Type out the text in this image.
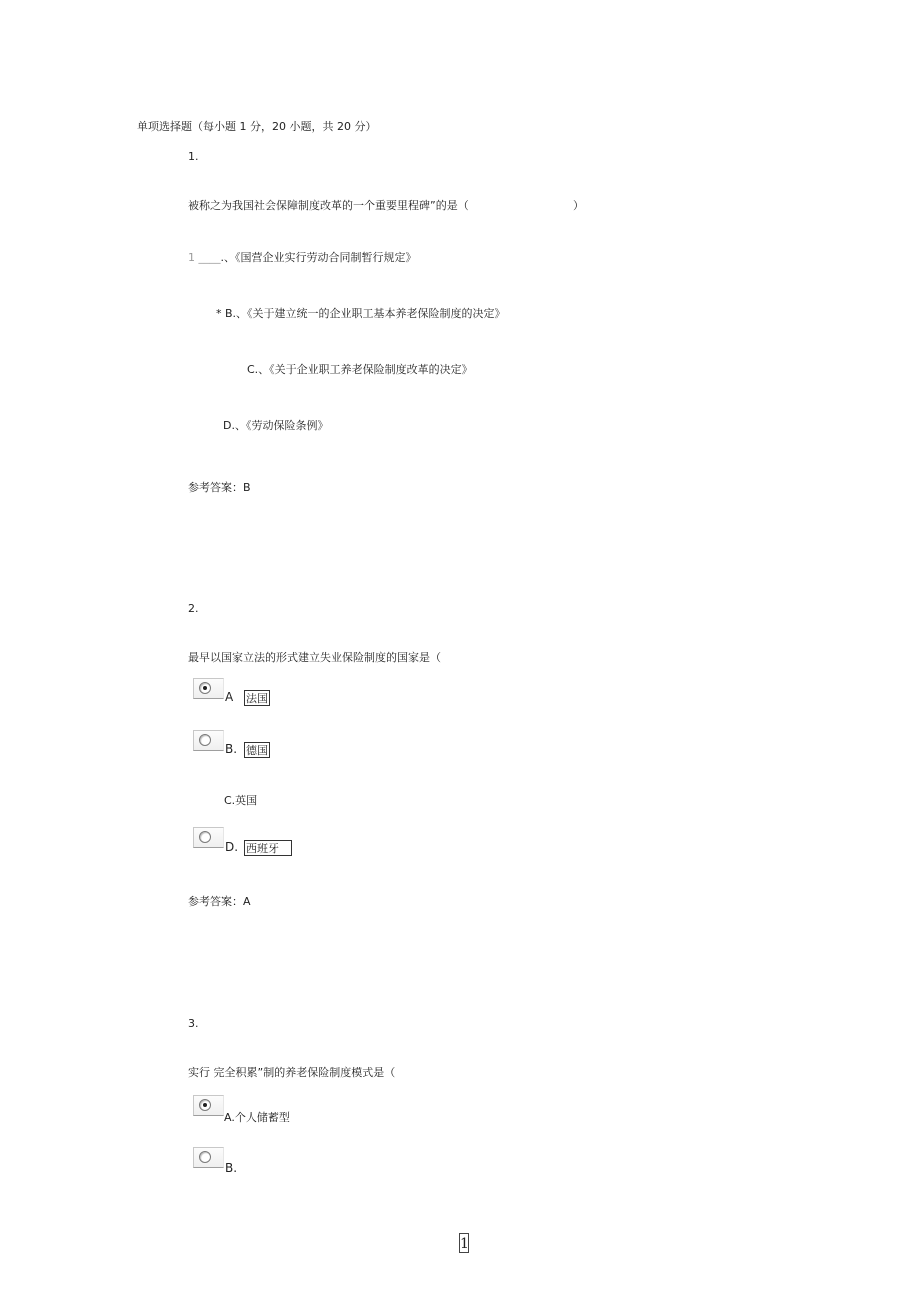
单项选择题（每小题 1 分，20 小题，共 20 分）
1.
被称之为我国社会保障制度改革的一个重要里程碑”的是（	）
1 ____.、《国营企业实行劳动合同制暂行规定》
* B.、《关于建立统一的企业职工基本养老保险制度的决定》
C.、《关于企业职工养老保险制度改革的决定》
D.、《劳动保险条例》
参考答案：B
2.
最早以国家立法的形式建立失业保险制度的国家是（
A 法国
B. 德国
C.英国
D. 西班牙
参考答案：A
3.
实行 完全积累”制的养老保险制度模式是（
A.个人储蓄型
B.
1
